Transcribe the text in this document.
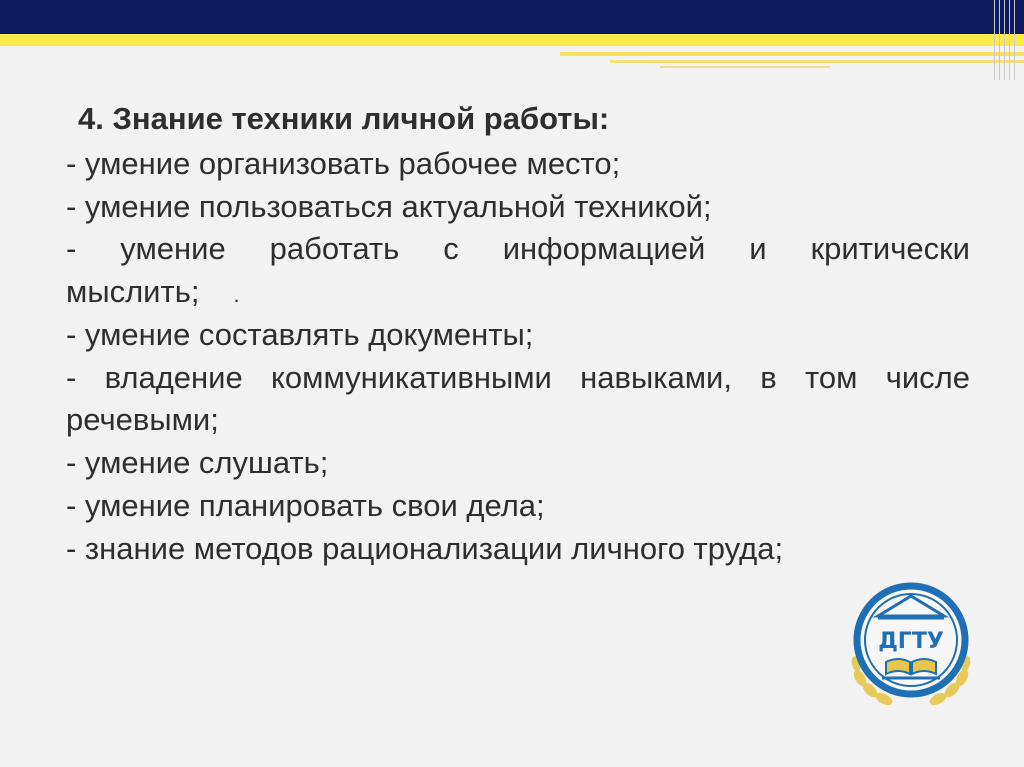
4. Знание техники личной работы:
- умение организовать рабочее место;
- умение пользоваться актуальной техникой;
- умение работать с информацией и критически
мыслить; .
- умение составлять документы;
- владение коммуникативными навыками, в том числе речевыми;
- умение слушать;
- умение планировать свои дела;
- знание методов рационализации личного труда;
ДГТУ
